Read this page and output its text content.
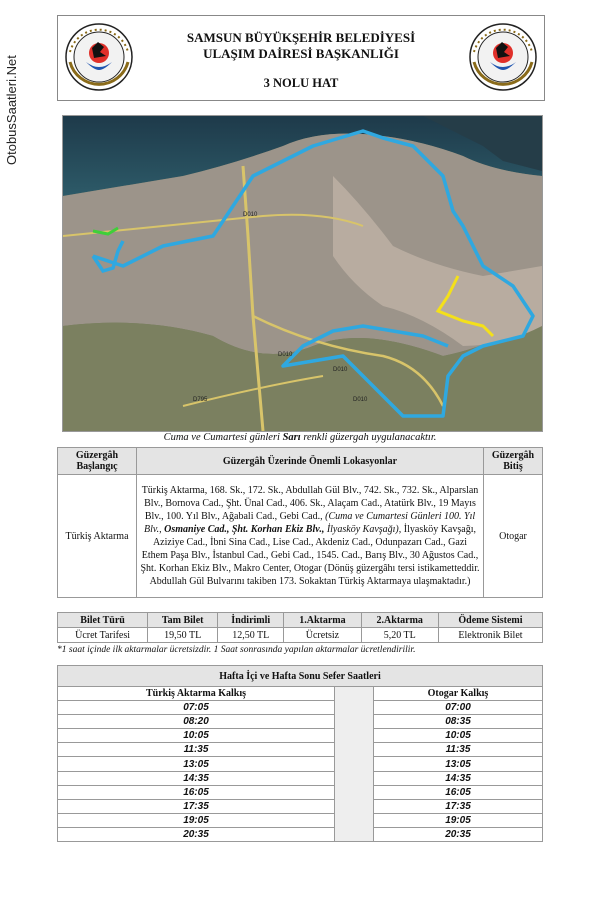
OtobusSaatleri.Net
SAMSUN BÜYÜKŞEHİR BELEDİYESİ
ULAŞIM DAİRESİ BAŞKANLIĞI
3 NOLU HAT
D010
D010
D010
D795	D010
Cuma ve Cumartesi günleri Sarı renkli güzergah uygulanacaktır.
Güzergâh Başlangıç	Güzergâh Üzerinde Önemli Lokasyonlar	Güzergâh Bitiş
Türkiş Aktarma	Türkiş Aktarma, 168. Sk., 172. Sk., Abdullah Gül Blv., 742. Sk., 732. Sk., Alparslan Blv., Bornova Cad., Şht. Ünal Cad., 406. Sk., Alaçam Cad., Atatürk Blv., 19 Mayıs Blv., 100. Yıl Blv., Ağabali Cad., Gebi Cad., (Cuma ve Cumartesi Günleri 100. Yıl Blv., Osmaniye Cad., Şht. Korhan Ekiz Blv., İlyasköy Kavşağı), İlyasköy Kavşağı, Aziziye Cad., İbni Sina Cad., Lise Cad., Akdeniz Cad., Odunpazarı Cad., Gazi Ethem Paşa Blv., İstanbul Cad., Gebi Cad., 1545. Cad., Barış Blv., 30 Ağustos Cad., Şht. Korhan Ekiz Blv., Makro Center, Otogar (Dönüş güzergâhı tersi istikametteddir. Abdullah Gül Bulvarını takiben 173. Sokaktan Türkiş Aktarmaya ulaşmaktadır.)	Otogar
Bilet Türü	Tam Bilet	İndirimli	1.Aktarma	2.Aktarma	Ödeme Sistemi
Ücret Tarifesi	19,50 TL	12,50 TL	Ücretsiz	5,20 TL	Elektronik Bilet
*1 saat içinde ilk aktarmalar ücretsizdir. 1 Saat sonrasında yapılan aktarmalar ücretlendirilir.
Hafta İçi ve Hafta Sonu Sefer Saatleri		
Türkiş Aktarma Kalkış		Otogar Kalkış
07:05		07:00
08:20		08:35
10:05		10:05
11:35		11:35
13:05		13:05
14:35		14:35
16:05		16:05
17:35		17:35
19:05		19:05
20:35		20:35
